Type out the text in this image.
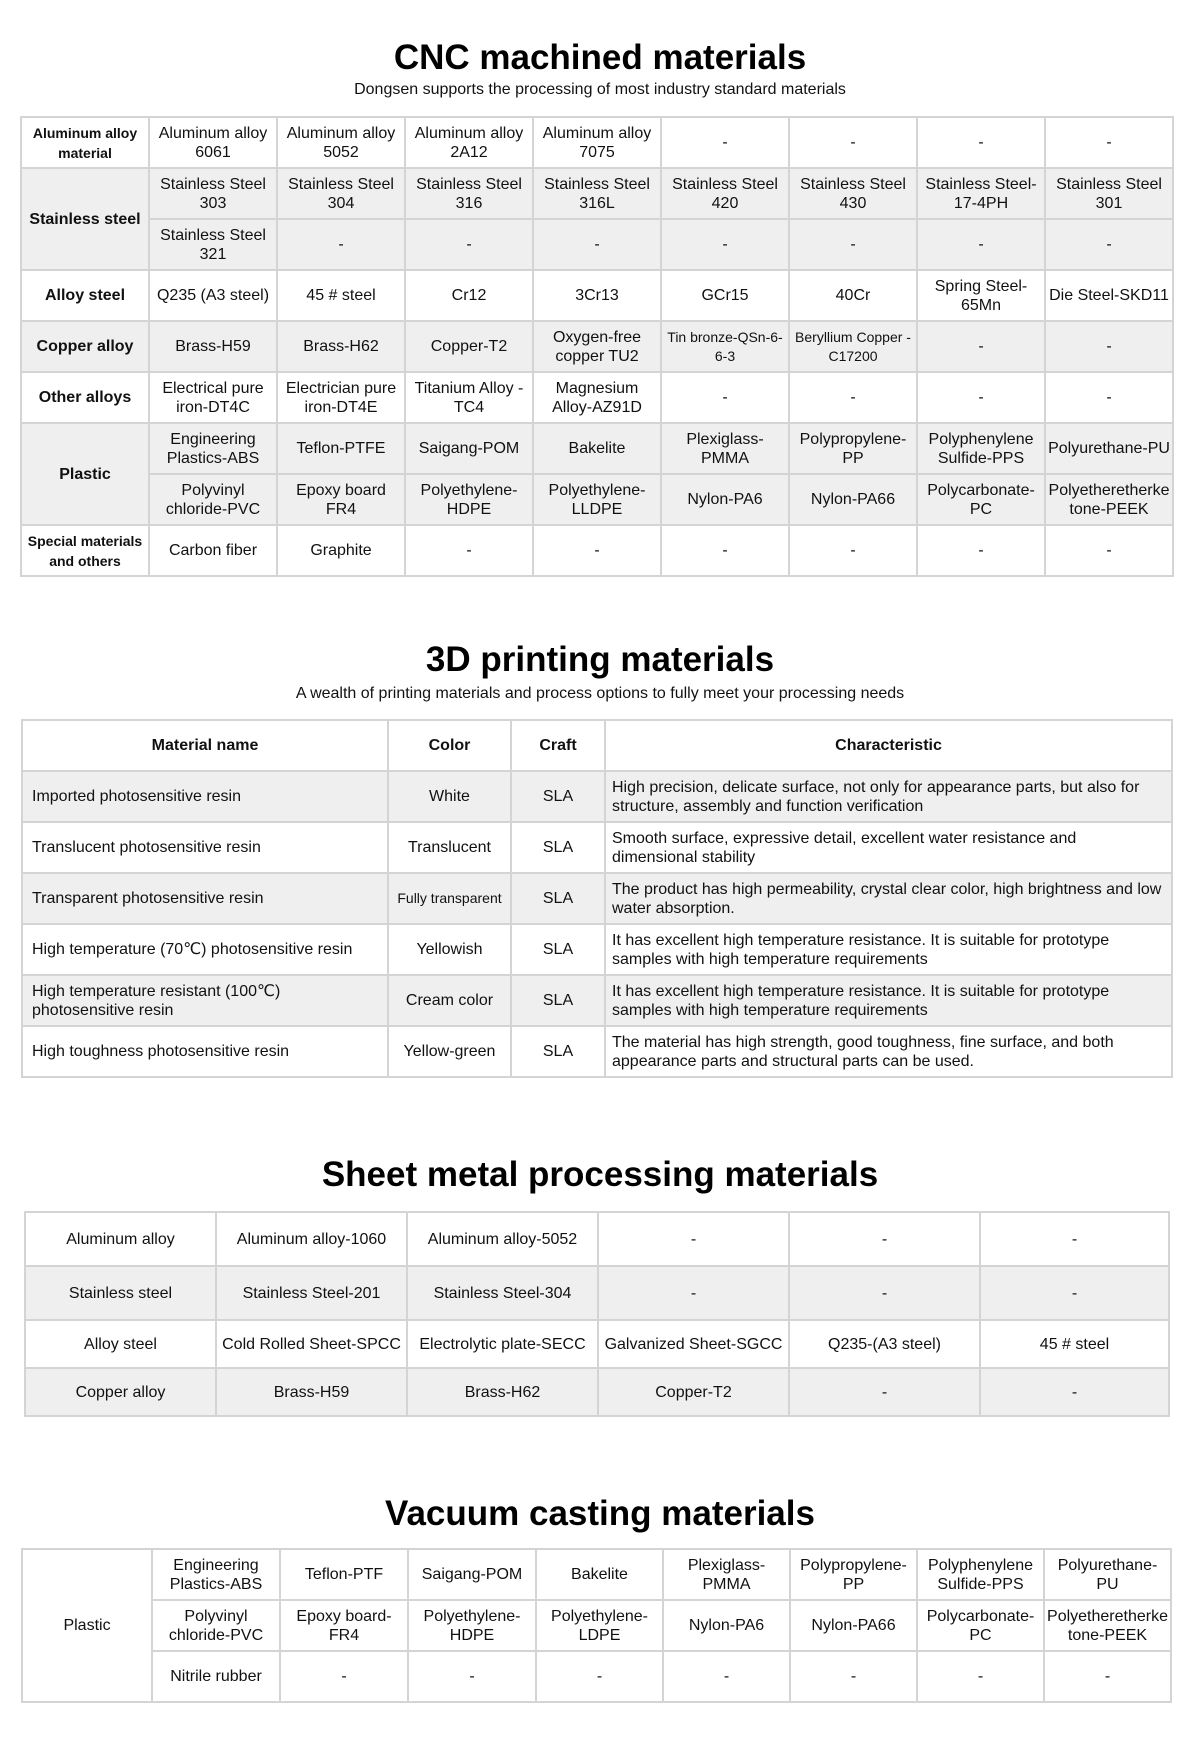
CNC machined materials

Dongsen supports the processing of most industry standard materials

Aluminum alloy material	Aluminum alloy 6061	Aluminum alloy 5052	Aluminum alloy 2A12	Aluminum alloy 7075	-	-	-	-
Stainless steel	Stainless Steel 303	Stainless Steel 304	Stainless Steel 316	Stainless Steel 316L	Stainless Steel 420	Stainless Steel 430	Stainless Steel-17-4PH	Stainless Steel 301
	Stainless Steel 321	-	-	-	-	-	-	-
Alloy steel	Q235 (A3 steel)	45 # steel	Cr12	3Cr13	GCr15	40Cr	Spring Steel-65Mn	Die Steel-SKD11
Copper alloy	Brass-H59	Brass-H62	Copper-T2	Oxygen-free copper TU2	Tin bronze-QSn-6-6-3	Beryllium Copper - C17200	-	-
Other alloys	Electrical pure iron-DT4C	Electrician pure iron-DT4E	Titanium Alloy - TC4	Magnesium Alloy-AZ91D	-	-	-	-
Plastic	Engineering Plastics-ABS	Teflon-PTFE	Saigang-POM	Bakelite	Plexiglass-PMMA	Polypropylene-PP	Polyphenylene Sulfide-PPS	Polyurethane-PU
	Polyvinyl chloride-PVC	Epoxy board FR4	Polyethylene-HDPE	Polyethylene-LLDPE	Nylon-PA6	Nylon-PA66	Polycarbonate-PC	Polyetheretherketone-PEEK
Special materials and others	Carbon fiber	Graphite	-	-	-	-	-	-
3D printing materials

A wealth of printing materials and process options to fully meet your processing needs

Material name	Color	Craft	Characteristic
Imported photosensitive resin	White	SLA	High precision, delicate surface, not only for appearance parts, but also for structure, assembly and function verification
Translucent photosensitive resin	Translucent	SLA	Smooth surface, expressive detail, excellent water resistance and dimensional stability
Transparent photosensitive resin	Fully transparent	SLA	The product has high permeability, crystal clear color, high brightness and low water absorption.
High temperature (70℃) photosensitive resin	Yellowish	SLA	It has excellent high temperature resistance. It is suitable for prototype samples with high temperature requirements
High temperature resistant (100℃) photosensitive resin	Cream color	SLA	It has excellent high temperature resistance. It is suitable for prototype samples with high temperature requirements
High toughness photosensitive resin	Yellow-green	SLA	The material has high strength, good toughness, fine surface, and both appearance parts and structural parts can be used.
Sheet metal processing materials
Aluminum alloy	Aluminum alloy-1060	Aluminum alloy-5052	-	-	-
Stainless steel	Stainless Steel-201	Stainless Steel-304	-	-	-
Alloy steel	Cold Rolled Sheet-SPCC	Electrolytic plate-SECC	Galvanized Sheet-SGCC	Q235-(A3 steel)	45 # steel
Copper alloy	Brass-H59	Brass-H62	Copper-T2	-	-
Vacuum casting materials
Plastic	Engineering Plastics-ABS	Teflon-PTF	Saigang-POM	Bakelite	Plexiglass-PMMA	Polypropylene-PP	Polyphenylene Sulfide-PPS	Polyurethane-PU
	Polyvinyl chloride-PVC	Epoxy board-FR4	Polyethylene-HDPE	Polyethylene-LDPE	Nylon-PA6	Nylon-PA66	Polycarbonate-PC	Polyetheretherketone-PEEK
	Nitrile rubber	-	-	-	-	-	-	-
